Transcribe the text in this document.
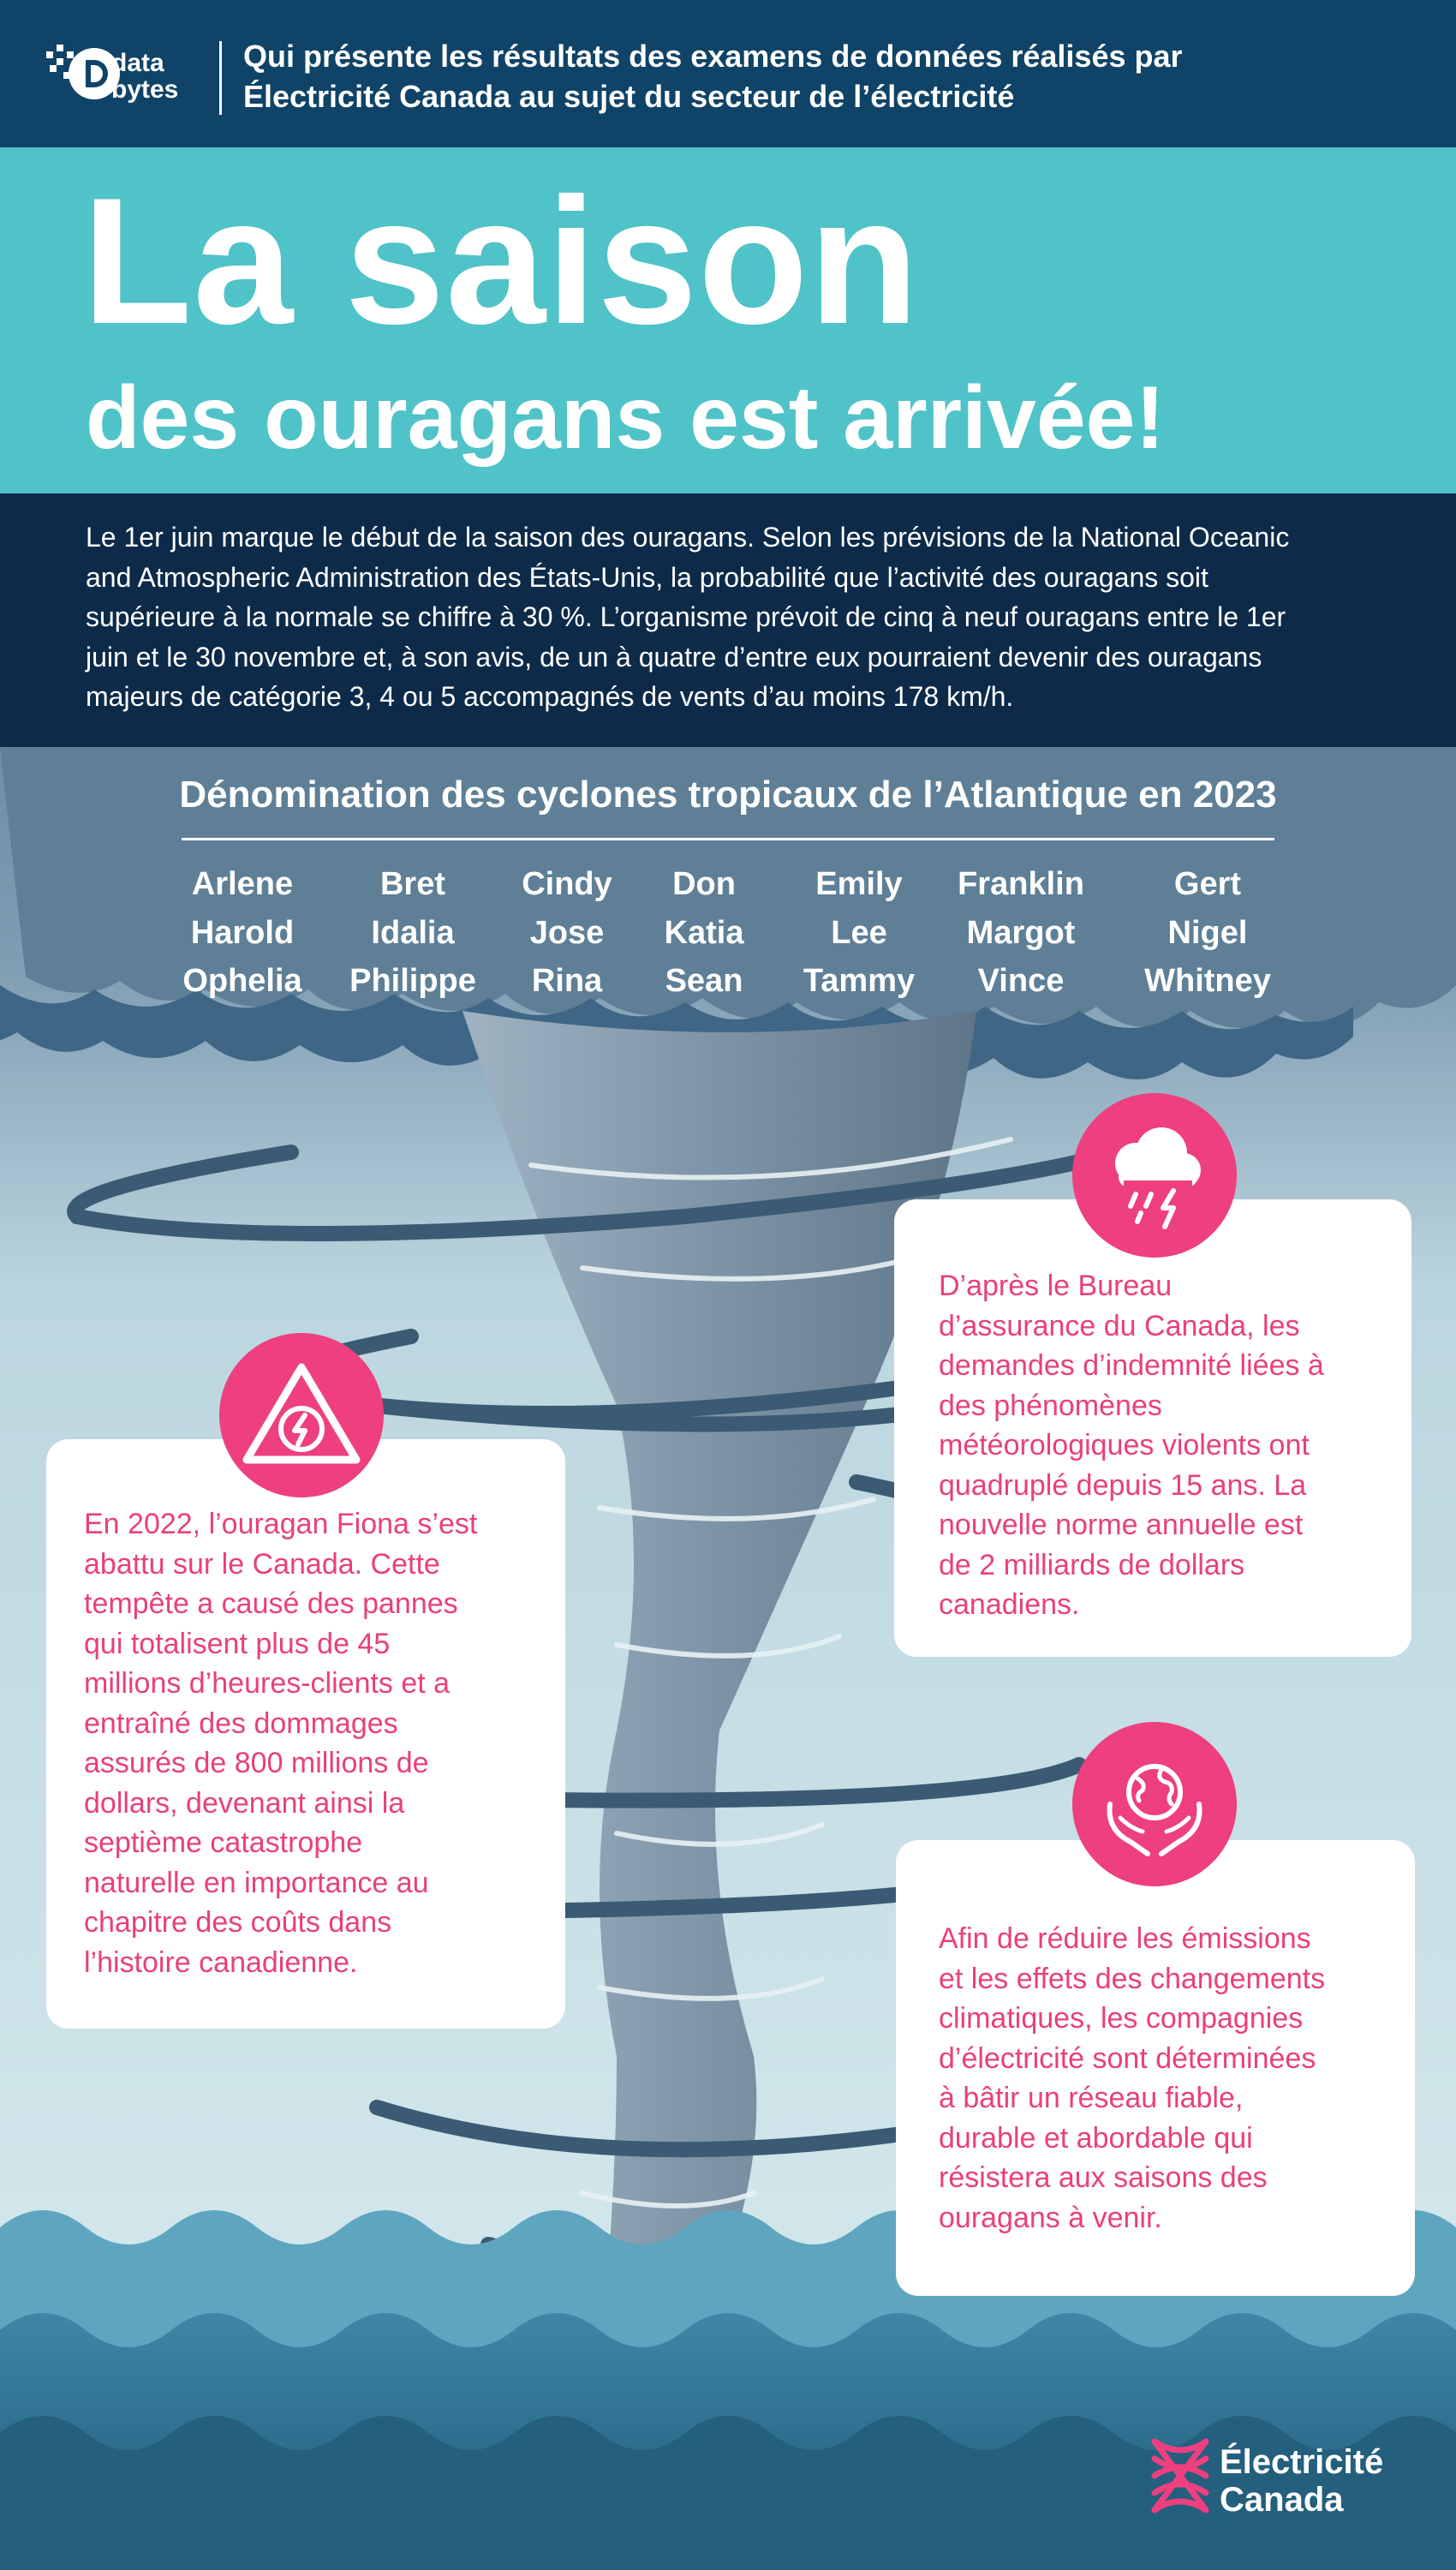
data
bytes
Qui présente les résultats des examens de données réalisés par
Électricité Canada au sujet du secteur de l’électricité
La saison
des ouragans est arrivée!
Le 1er juin marque le début de la saison des ouragans. Selon les prévisions de la National Oceanic
and Atmospheric Administration des États-Unis, la probabilité que l’activité des ouragans soit
supérieure à la normale se chiffre à 30 %. L’organisme prévoit de cinq à neuf ouragans entre le 1er
juin et le 30 novembre et, à son avis, de un à quatre d’entre eux pourraient devenir des ouragans
majeurs de catégorie 3, 4 ou 5 accompagnés de vents d’au moins 178 km/h.
Dénomination des cyclones tropicaux de l’Atlantique en 2023
Arlene
Harold
Ophelia
Bret
Idalia
Philippe
Cindy
Jose
Rina
Don
Katia
Sean
Emily
Lee
Tammy
Franklin
Margot
Vince
Gert
Nigel
Whitney
D’après le Bureau
d’assurance du Canada, les
demandes d’indemnité liées à
des phénomènes
météorologiques violents ont
quadruplé depuis 15 ans. La
nouvelle norme annuelle est
de 2 milliards de dollars
canadiens.
En 2022, l’ouragan Fiona s’est
abattu sur le Canada. Cette
tempête a causé des pannes
qui totalisent plus de 45
millions d’heures-clients et a
entraîné des dommages
assurés de 800 millions de
dollars, devenant ainsi la
septième catastrophe
naturelle en importance au
chapitre des coûts dans
l’histoire canadienne.
Afin de réduire les émissions
et les effets des changements
climatiques, les compagnies
d’électricité sont déterminées
à bâtir un réseau fiable,
durable et abordable qui
résistera aux saisons des
ouragans à venir.
Électricité
Canada
